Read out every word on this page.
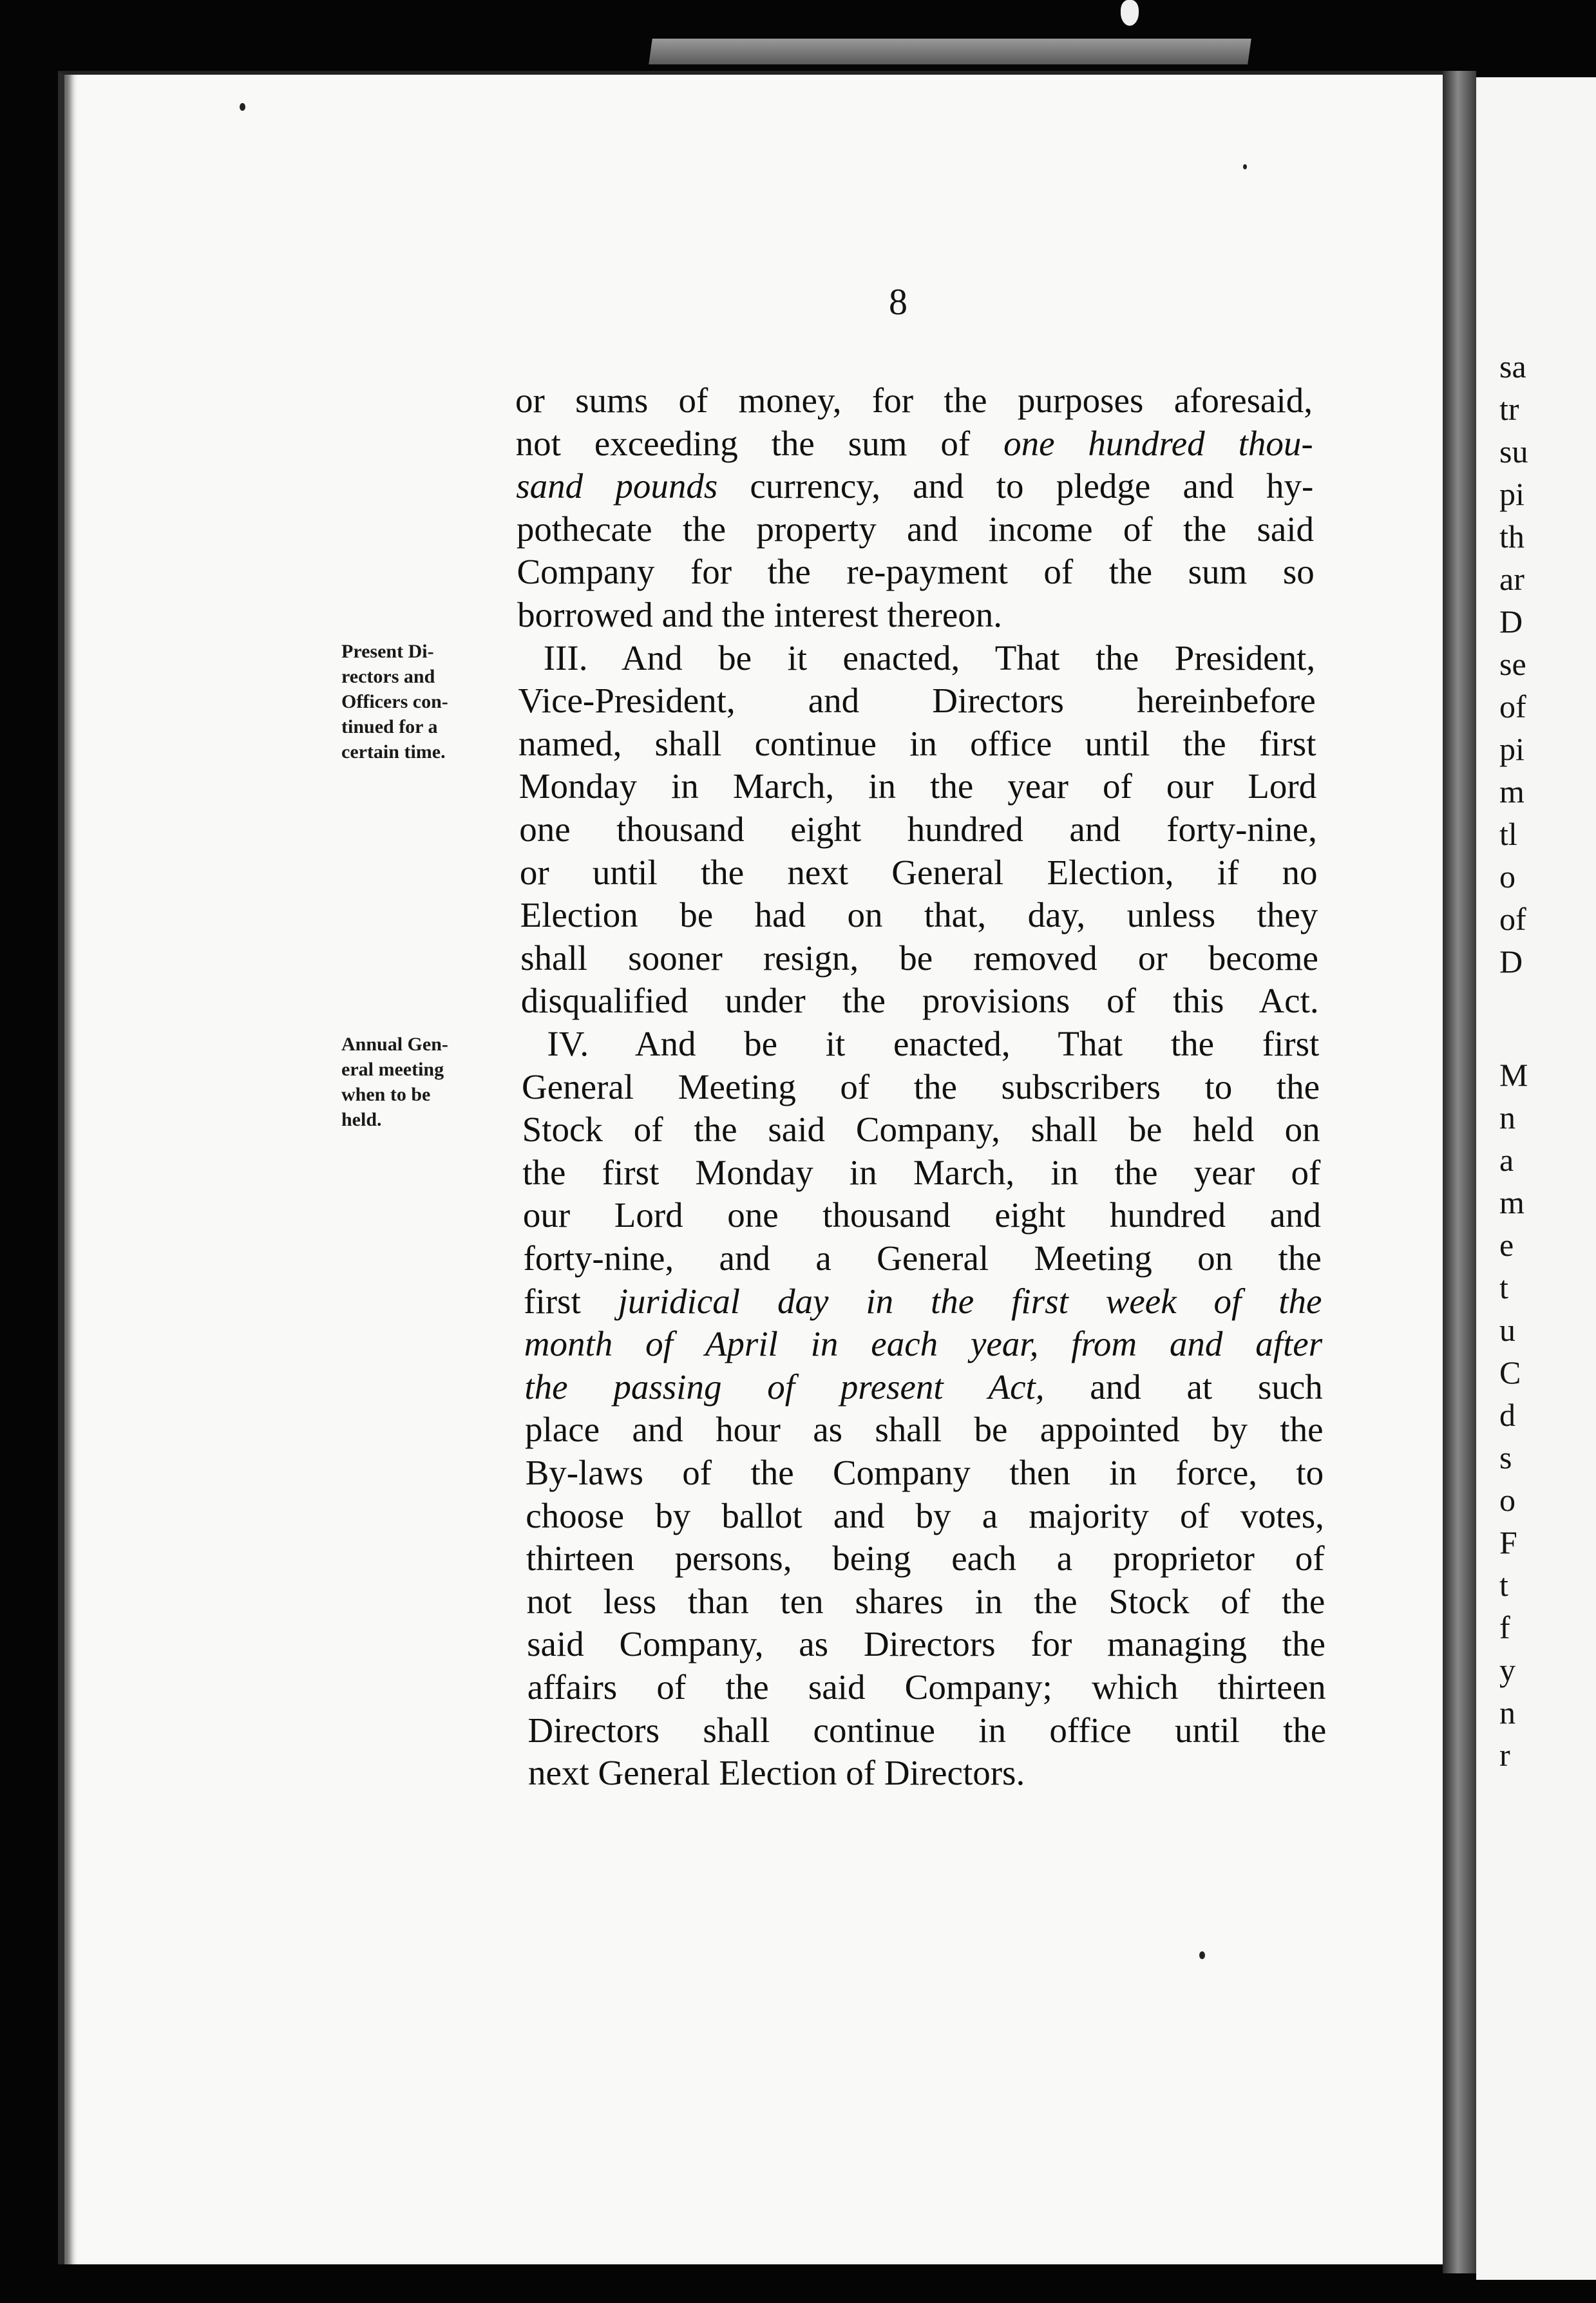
sa
tr
su
pi
th
ar
D
se
of
pi
m
tl
o
of
D
M
n
a
m
e
t
u
C
d
s
o
F
t
f
y
n
r
8
or sums of money, for the purposes aforesaid,
not exceeding the sum of one hundred thou-
sand pounds currency, and to pledge and hy-
pothecate the property and income of the said
Company for the re-payment of the sum so
borrowed and the interest thereon.
III. And be it enacted, That the President,
Vice-President, and Directors hereinbefore
named, shall continue in office until the first
Monday in March, in the year of our Lord
one thousand eight hundred and forty-nine,
or until the next General Election, if no
Election be had on that, day, unless they
shall sooner resign, be removed or become
disqualified under the provisions of this Act.
IV. And be it enacted, That the first
General Meeting of the subscribers to the
Stock of the said Company, shall be held on
the first Monday in March, in the year of
our Lord one thousand eight hundred and
forty-nine, and a General Meeting on the
first juridical day in the first week of the
month of April in each year, from and after
the passing of present Act, and at such
place and hour as shall be appointed by the
By-laws of the Company then in force, to
choose by ballot and by a majority of votes,
thirteen persons, being each a proprietor of
not less than ten shares in the Stock of the
said Company, as Directors for managing the
affairs of the said Company; which thirteen
Directors shall continue in office until the
next General Election of Directors.
Present Di-
rectors and
Officers con-
tinued for a
certain time.
Annual Gen-
eral meeting
when to be
held.
